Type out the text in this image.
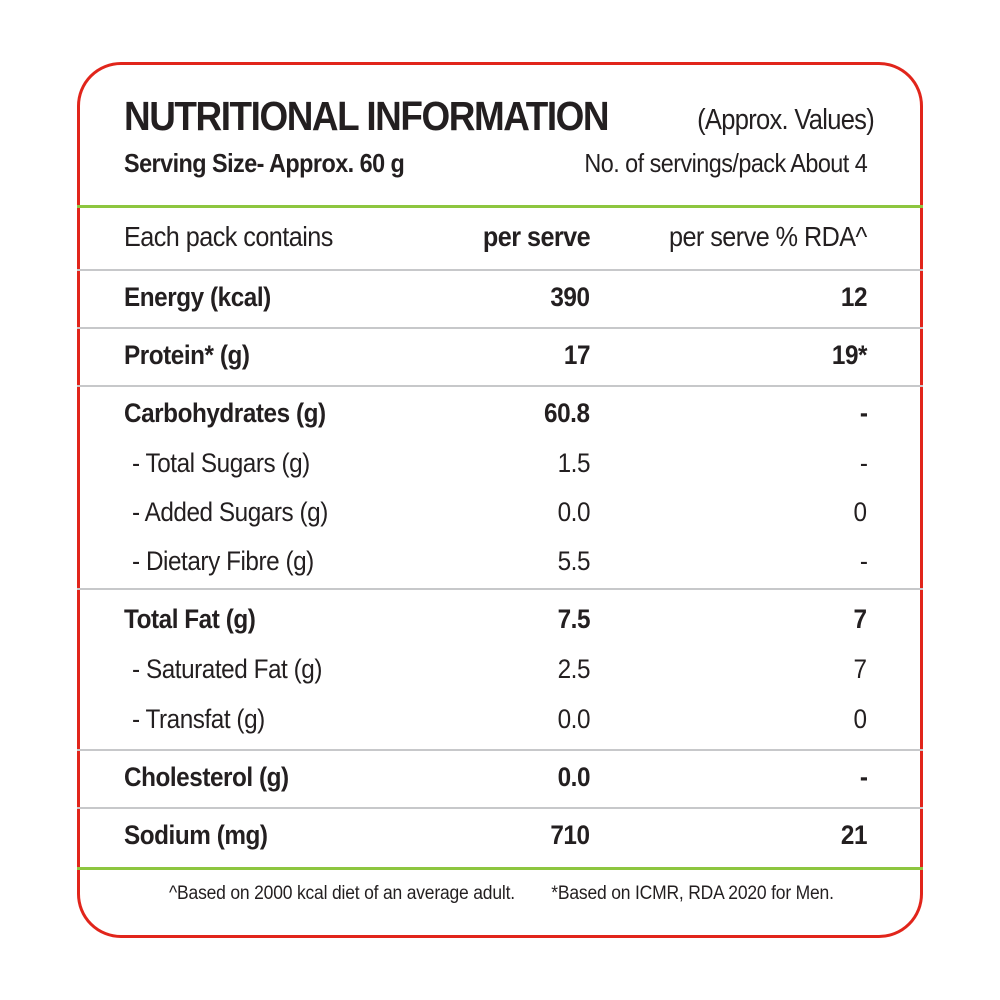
NUTRITIONAL INFORMATION	(Approx. Values)
Serving Size- Approx. 60 g	No. of servings/pack About 4
Each pack contains	per serve	per serve % RDA^
Energy (kcal)	390	12
Protein* (g)	17	19*
Carbohydrates (g)	60.8	-
- Total Sugars (g)	1.5	-
- Added Sugars (g)	0.0	0
- Dietary Fibre (g)	5.5	-
Total Fat (g)	7.5	7
- Saturated Fat (g)	2.5	7
- Transfat (g)	0.0	0
Cholesterol (g)	0.0	-
Sodium (mg)	710	21
^Based on 2000 kcal diet of an average adult. *Based on ICMR, RDA 2020 for Men.
